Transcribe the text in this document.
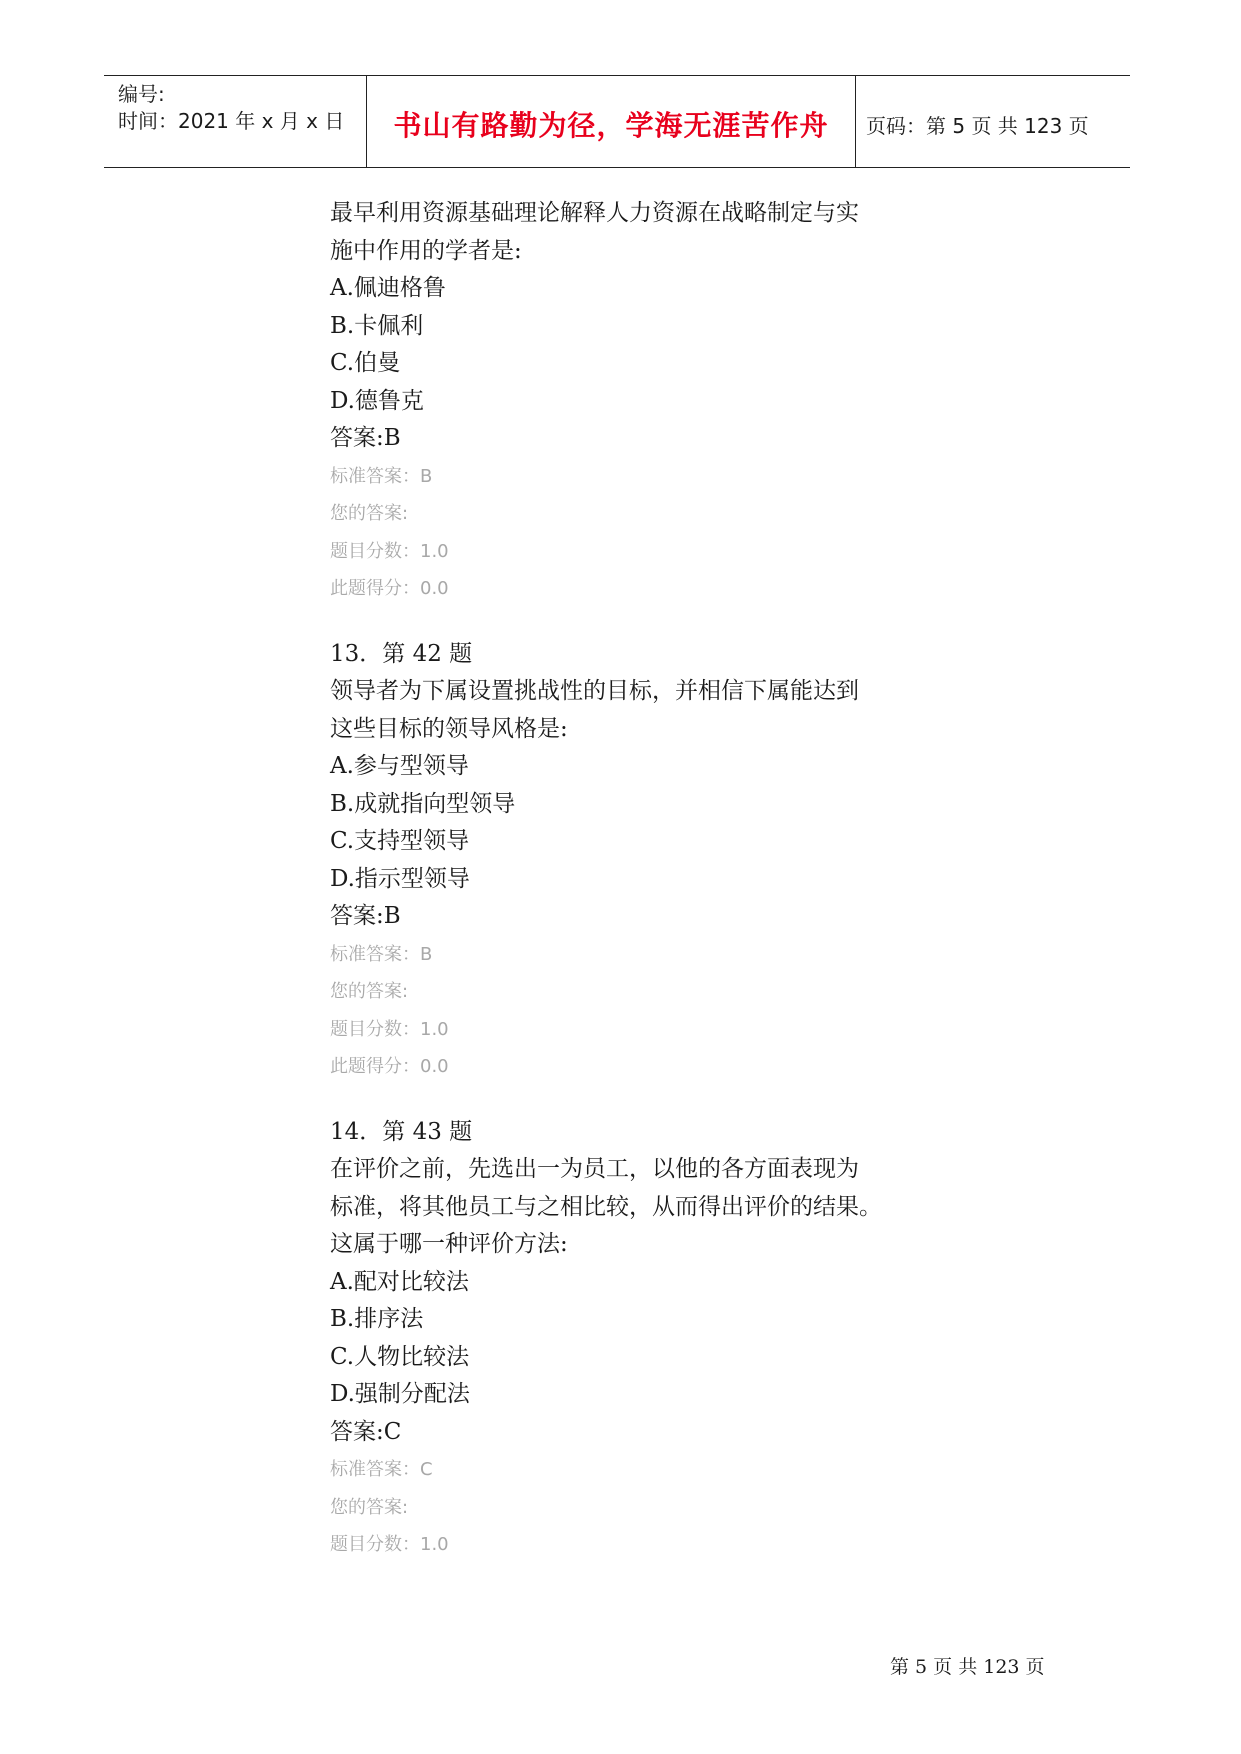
编号:
时间：2021 年 x 月 x 日	书山有路勤为径，学海无涯苦作舟	页码：第 5 页 共 123 页
最早利用资源基础理论解释人力资源在战略制定与实
施中作用的学者是:
A.佩迪格鲁
B.卡佩利
C.伯曼
D.德鲁克
答案:B
标准答案：B
您的答案:
题目分数：1.0
此题得分：0.0
13．第 42 题
领导者为下属设置挑战性的目标，并相信下属能达到
这些目标的领导风格是:
A.参与型领导
B.成就指向型领导
C.支持型领导
D.指示型领导
答案:B
标准答案：B
您的答案:
题目分数：1.0
此题得分：0.0
14．第 43 题
在评价之前，先选出一为员工，以他的各方面表现为
标准，将其他员工与之相比较，从而得出评价的结果。
这属于哪一种评价方法:
A.配对比较法
B.排序法
C.人物比较法
D.强制分配法
答案:C
标准答案：C
您的答案:
题目分数：1.0
第 5 页 共 123 页
